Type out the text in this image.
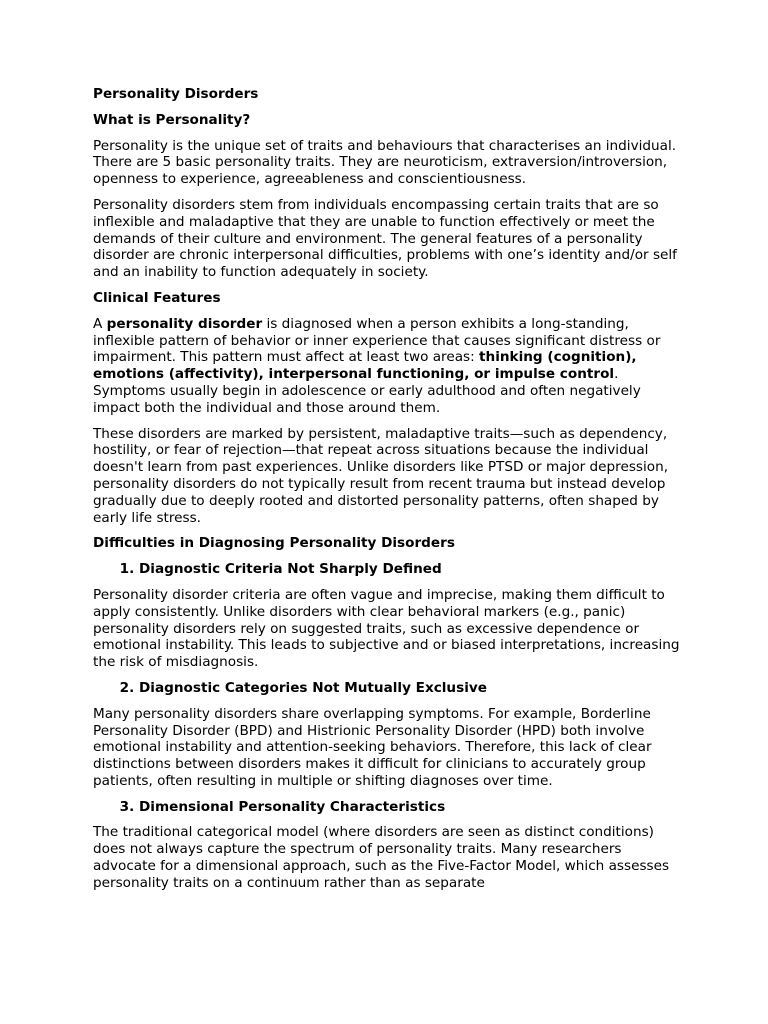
Personality Disorders
What is Personality?

Personality is the unique set of traits and behaviours that characterises an individual. There are 5 basic personality traits. They are neuroticism, extraversion/introversion, openness to experience, agreeableness and conscientiousness.

Personality disorders stem from individuals encompassing certain traits that are so inflexible and maladaptive that they are unable to function effectively or meet the demands of their culture and environment. The general features of a personality disorder are chronic interpersonal difficulties, problems with one’s identity and/or self and an inability to function adequately in society.

Clinical Features

A personality disorder is diagnosed when a person exhibits a long-standing, inflexible pattern of behavior or inner experience that causes significant distress or impairment. This pattern must affect at least two areas: thinking (cognition), emotions (affectivity), interpersonal functioning, or impulse control. Symptoms usually begin in adolescence or early adulthood and often negatively impact both the individual and those around them.

These disorders are marked by persistent, maladaptive traits—such as dependency, hostility, or fear of rejection—that repeat across situations because the individual doesn't learn from past experiences. Unlike disorders like PTSD or major depression, personality disorders do not typically result from recent trauma but instead develop gradually due to deeply rooted and distorted personality patterns, often shaped by early life stress.

Difficulties in Diagnosing Personality Disorders
1. Diagnostic Criteria Not Sharply Defined

Personality disorder criteria are often vague and imprecise, making them difficult to apply consistently. Unlike disorders with clear behavioral markers (e.g., panic) personality disorders rely on suggested traits, such as excessive dependence or emotional instability. This leads to subjective and or biased interpretations, increasing the risk of misdiagnosis.

2. Diagnostic Categories Not Mutually Exclusive

Many personality disorders share overlapping symptoms. For example, Borderline Personality Disorder (BPD) and Histrionic Personality Disorder (HPD) both involve emotional instability and attention-seeking behaviors. Therefore, this lack of clear distinctions between disorders makes it difficult for clinicians to accurately group patients, often resulting in multiple or shifting diagnoses over time.

3. Dimensional Personality Characteristics

The traditional categorical model (where disorders are seen as distinct conditions) does not always capture the spectrum of personality traits. Many researchers advocate for a dimensional approach, such as the Five-Factor Model, which assesses personality traits on a continuum rather than as separate
